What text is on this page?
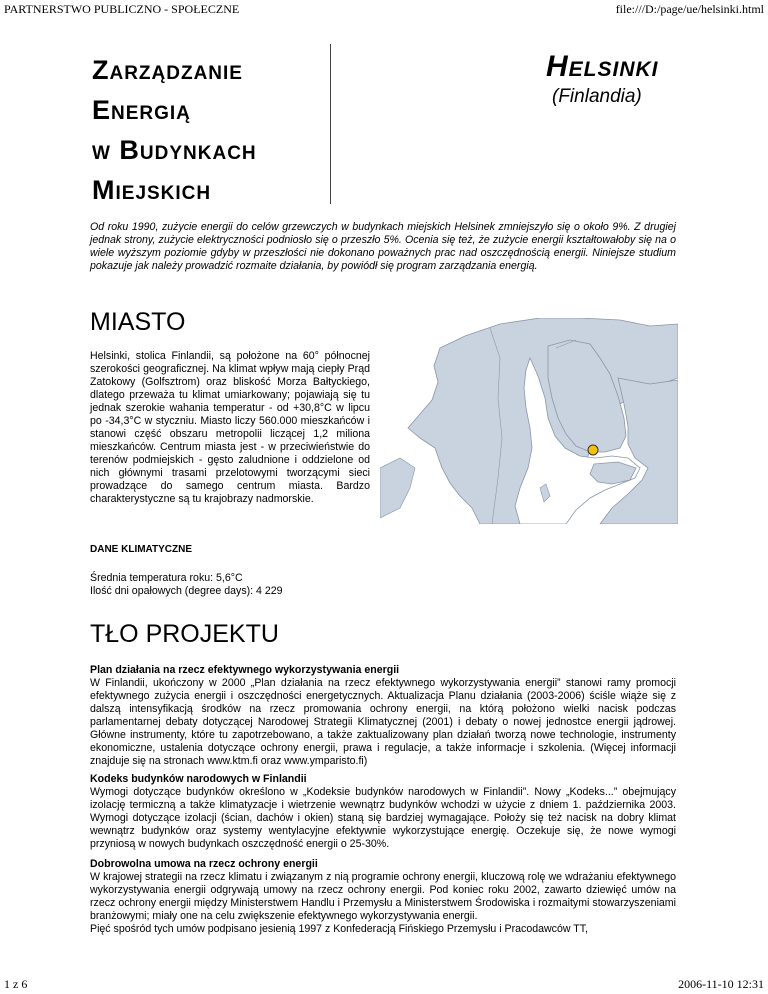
PARTNERSTWO PUBLICZNO - SPOŁECZNE	file:///D:/page/ue/helsinki.html
Zarządzanie
Energią
w Budynkach
Miejskich
Helsinki
(Finlandia)
Od roku 1990, zużycie energii do celów grzewczych w budynkach miejskich Helsinek zmniejszyło się o około 9%. Z drugiej jednak strony, zużycie elektryczności podniosło się o przeszło 5%. Ocenia się też, że zużycie energii kształtowałoby się na o wiele wyższym poziomie gdyby w przeszłości nie dokonano poważnych prac nad oszczędnością energii. Niniejsze studium pokazuje jak należy prowadzić rozmaite działania, by powiódł się program zarządzania energią.
MIASTO
Helsinki, stolica Finlandii, są położone na 60° północnej szerokości geograficznej. Na klimat wpływ mają ciepły Prąd Zatokowy (Golfsztrom) oraz bliskość Morza Bałtyckiego, dlatego przeważa tu klimat umiarkowany; pojawiają się tu jednak szerokie wahania temperatur - od +30,8°C w lipcu po -34,3°C w styczniu. Miasto liczy 560.000 mieszkańców i stanowi część obszaru metropolii liczącej 1,2 miliona mieszkańców. Centrum miasta jest - w przeciwieństwie do terenów podmiejskich - gęsto zaludnione i oddzielone od nich głównymi trasami przelotowymi tworzącymi sieci prowadzące do samego centrum miasta. Bardzo charakterystyczne są tu krajobrazy nadmorskie.
DANE KLIMATYCZNE
Średnia temperatura roku: 5,6°C
Ilość dni opałowych (degree days): 4 229
TŁO PROJEKTU
Plan działania na rzecz efektywnego wykorzystywania energii
W Finlandii, ukończony w 2000 „Plan działania na rzecz efektywnego wykorzystywania energii” stanowi ramy promocji efektywnego zużycia energii i oszczędności energetycznych. Aktualizacja Planu działania (2003-2006) ściśle wiąże się z dalszą intensyfikacją środków na rzecz promowania ochrony energii, na którą położono wielki nacisk podczas parlamentarnej debaty dotyczącej Narodowej Strategii Klimatycznej (2001) i debaty o nowej jednostce energii jądrowej. Główne instrumenty, które tu zapotrzebowano, a także zaktualizowany plan działań tworzą nowe technologie, instrumenty ekonomiczne, ustalenia dotyczące ochrony energii, prawa i regulacje, a także informacje i szkolenia. (Więcej informacji znajduje się na stronach www.ktm.fi oraz www.ymparisto.fi)
Kodeks budynków narodowych w Finlandii
Wymogi dotyczące budynków określono w „Kodeksie budynków narodowych w Finlandii”. Nowy „Kodeks...” obejmujący izolację termiczną a także klimatyzacje i wietrzenie wewnątrz budynków wchodzi w użycie z dniem 1. października 2003. Wymogi dotyczące izolacji (ścian, dachów i okien) staną się bardziej wymagające. Położy się też nacisk na dobry klimat wewnątrz budynków oraz systemy wentylacyjne efektywnie wykorzystujące energię. Oczekuje się, że nowe wymogi przyniosą w nowych budynkach oszczędność energii o 25-30%.
Dobrowolna umowa na rzecz ochrony energii
W krajowej strategii na rzecz klimatu i związanym z nią programie ochrony energii, kluczową rolę we wdrażaniu efektywnego wykorzystywania energii odgrywają umowy na rzecz ochrony energii. Pod koniec roku 2002, zawarto dziewięć umów na rzecz ochrony energii między Ministerstwem Handlu i Przemysłu a Ministerstwem Środowiska i rozmaitymi stowarzyszeniami branżowymi; miały one na celu zwiększenie efektywnego wykorzystywania energii.
Pięć spośród tych umów podpisano jesienią 1997 z Konfederacją Fińskiego Przemysłu i Pracodawców TT,
1 z 6	2006-11-10 12:31
